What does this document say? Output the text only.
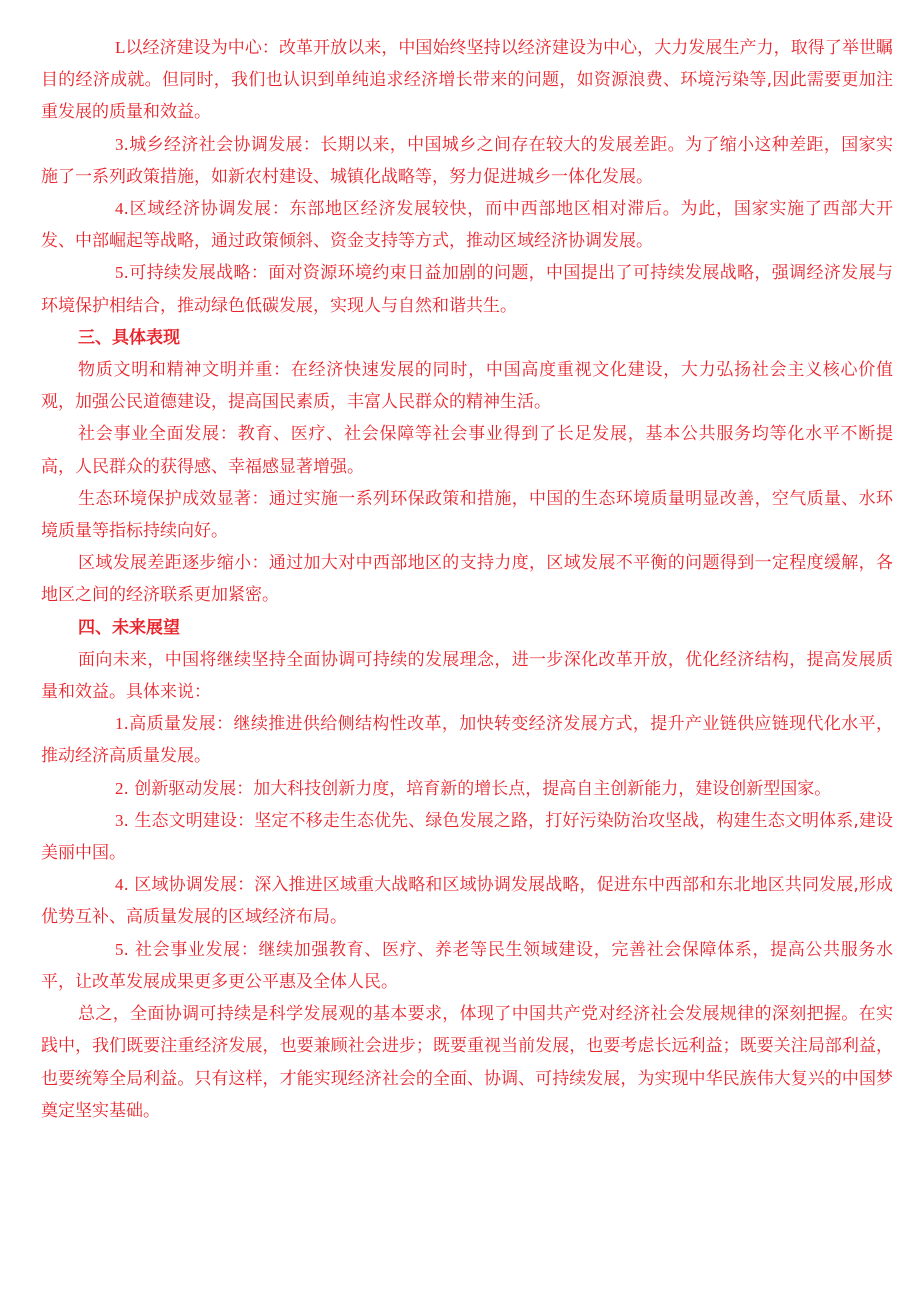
L以经济建设为中心：改革开放以来，中国始终坚持以经济建设为中心，大力发展生产力，取得了举世瞩目的经济成就。但同时，我们也认识到单纯追求经济增长带来的问题，如资源浪费、环境污染等,因此需要更加注重发展的质量和效益。

3.城乡经济社会协调发展：长期以来，中国城乡之间存在较大的发展差距。为了缩小这种差距，国家实施了一系列政策措施，如新农村建设、城镇化战略等，努力促进城乡一体化发展。

4.区域经济协调发展：东部地区经济发展较快，而中西部地区相对滞后。为此，国家实施了西部大开发、中部崛起等战略，通过政策倾斜、资金支持等方式，推动区域经济协调发展。

5.可持续发展战略：面对资源环境约束日益加剧的问题，中国提出了可持续发展战略，强调经济发展与环境保护相结合，推动绿色低碳发展，实现人与自然和谐共生。

三、具体表现

物质文明和精神文明并重：在经济快速发展的同时，中国高度重视文化建设，大力弘扬社会主义核心价值观，加强公民道德建设，提高国民素质，丰富人民群众的精神生活。

社会事业全面发展：教育、医疗、社会保障等社会事业得到了长足发展，基本公共服务均等化水平不断提高，人民群众的获得感、幸福感显著增强。

生态环境保护成效显著：通过实施一系列环保政策和措施，中国的生态环境质量明显改善，空气质量、水环境质量等指标持续向好。

区域发展差距逐步缩小：通过加大对中西部地区的支持力度，区域发展不平衡的问题得到一定程度缓解，各地区之间的经济联系更加紧密。

四、未来展望

面向未来，中国将继续坚持全面协调可持续的发展理念，进一步深化改革开放，优化经济结构，提高发展质量和效益。具体来说：

1.高质量发展：继续推进供给侧结构性改革，加快转变经济发展方式，提升产业链供应链现代化水平，推动经济高质量发展。

2. 创新驱动发展：加大科技创新力度，培育新的增长点，提高自主创新能力，建设创新型国家。

3. 生态文明建设：坚定不移走生态优先、绿色发展之路，打好污染防治攻坚战，构建生态文明体系,建设美丽中国。

4. 区域协调发展：深入推进区域重大战略和区域协调发展战略，促进东中西部和东北地区共同发展,形成优势互补、高质量发展的区域经济布局。

5. 社会事业发展：继续加强教育、医疗、养老等民生领域建设，完善社会保障体系，提高公共服务水平，让改革发展成果更多更公平惠及全体人民。

总之，全面协调可持续是科学发展观的基本要求，体现了中国共产党对经济社会发展规律的深刻把握。在实践中，我们既要注重经济发展，也要兼顾社会进步；既要重视当前发展，也要考虑长远利益；既要关注局部利益，也要统筹全局利益。只有这样，才能实现经济社会的全面、协调、可持续发展，为实现中华民族伟大复兴的中国梦奠定坚实基础。
